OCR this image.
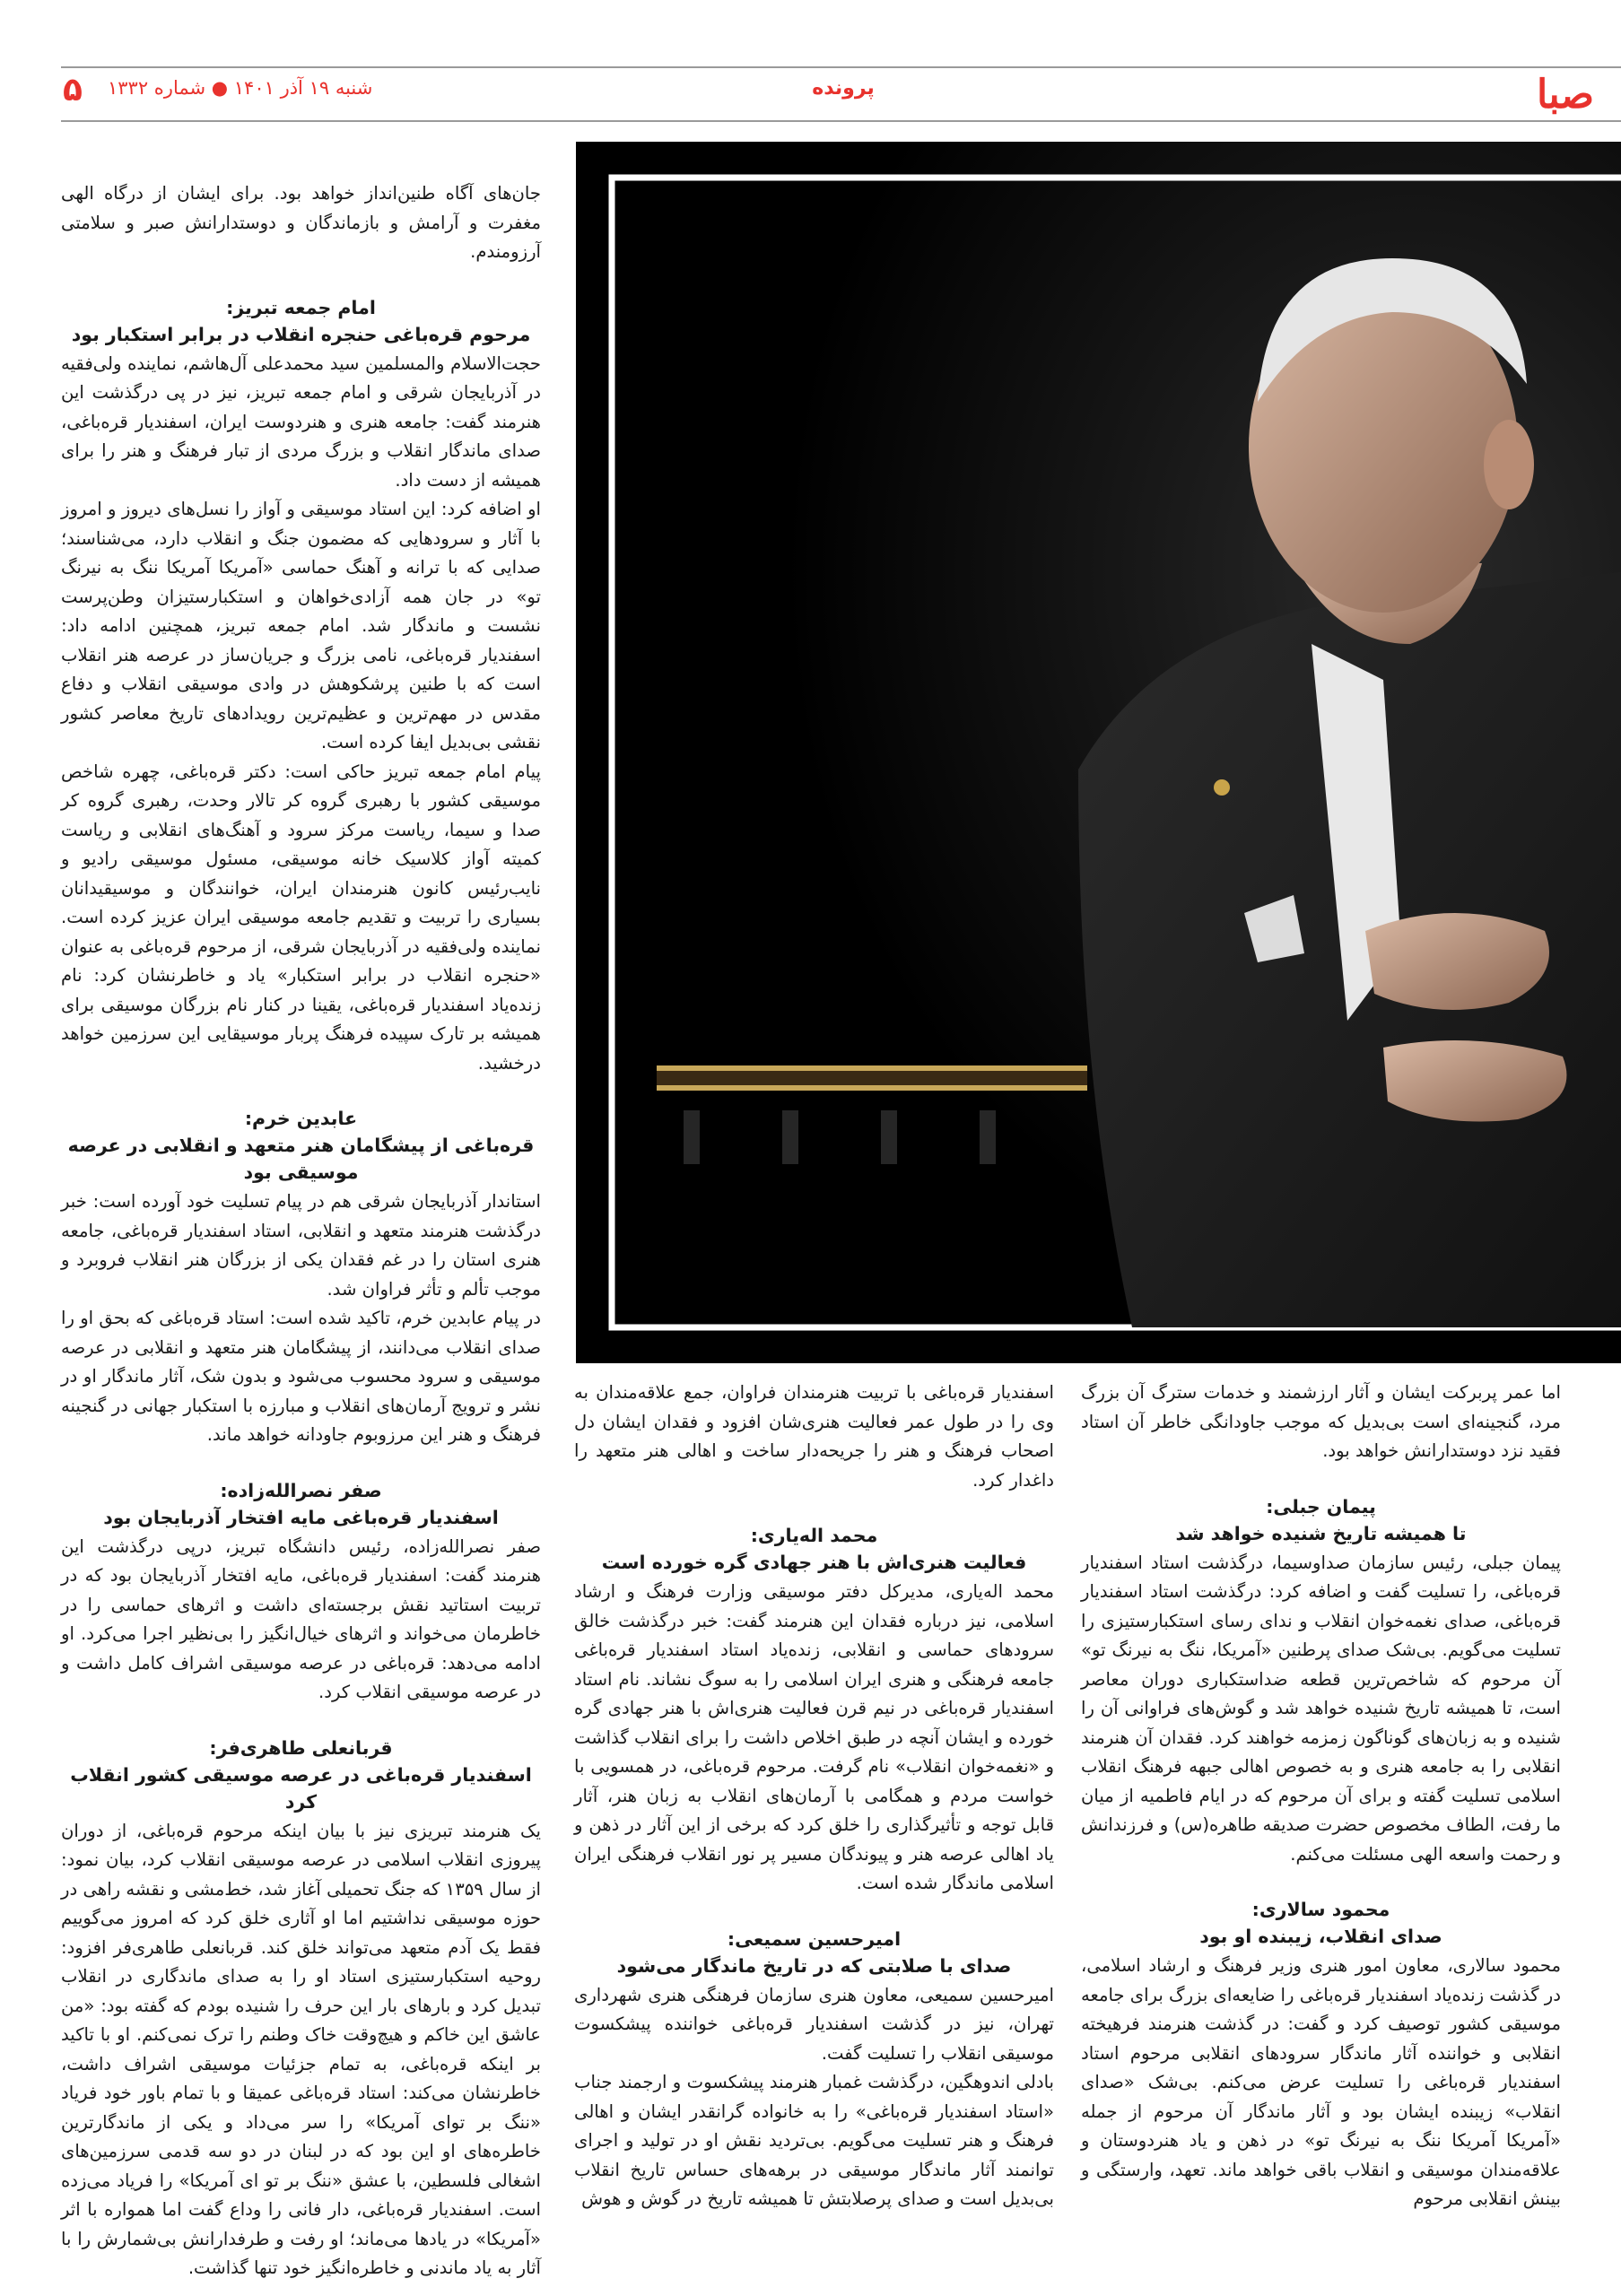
صبا
پرونده
شنبه ۱۹ آذر ۱۴۰۱ ● شماره ۱۳۳۲
۵

جان‌های آگاه طنین‌انداز خواهد بود. برای ایشان از درگاه الهی مغفرت و آرامش و بازماندگان و دوستدارانش صبر و سلامتی آرزومندم.

امام جمعه تبریز:
مرحوم قره‌باغی حنجره انقلاب در برابر استکبار بود

حجت‌الاسلام والمسلمین سید محمدعلی آل‌هاشم، نماینده ولی‌فقیه در آذربایجان شرقی و امام جمعه تبریز، نیز در پی درگذشت این هنرمند گفت: جامعه هنری و هنردوست ایران، اسفندیار قره‌باغی، صدای ماندگار انقلاب و بزرگ مردی از تبار فرهنگ و هنر را برای همیشه از دست داد.

او اضافه کرد: این استاد موسیقی و آواز را نسل‌های دیروز و امروز با آثار و سرودهایی که مضمون جنگ و انقلاب دارد، می‌شناسند؛ صدایی که با ترانه و آهنگ حماسی «آمریکا آمریکا ننگ به نیرنگ تو» در جان همه آزادی‌خواهان و استکبارستیزان وطن‌پرست نشست و ماندگار شد. امام جمعه تبریز، همچنین ادامه داد: اسفندیار قره‌باغی، نامی بزرگ و جریان‌ساز در عرصه هنر انقلاب است که با طنین پرشکوهش در وادی موسیقی انقلاب و دفاع مقدس در مهم‌ترین و عظیم‌ترین رویدادهای تاریخ معاصر کشور نقشی بی‌بدیل ایفا کرده است.

پیام امام جمعه تبریز حاکی است: دکتر قره‌باغی، چهره شاخص موسیقی کشور با رهبری گروه کر تالار وحدت، رهبری گروه کر صدا و سیما، ریاست مرکز سرود و آهنگ‌های انقلابی و ریاست کمیته آواز کلاسیک خانه موسیقی، مسئول موسیقی رادیو و نایب‌رئیس کانون هنرمندان ایران، خوانندگان و موسیقیدانان بسیاری را تربیت و تقدیم جامعه موسیقی ایران عزیز کرده است. نماینده ولی‌فقیه در آذربایجان شرقی، از مرحوم قره‌باغی به عنوان «حنجره انقلاب در برابر استکبار» یاد و خاطرنشان کرد: نام زنده‌یاد اسفندیار قره‌باغی، یقینا در کنار نام بزرگان موسیقی برای همیشه بر تارک سپیده فرهنگ پربار موسیقایی این سرزمین خواهد درخشید.

عابدین خرم:
قره‌باغی از پیشگامان هنر متعهد و انقلابی در عرصه موسیقی بود

استاندار آذربایجان شرقی هم در پیام تسلیت خود آورده است: خبر درگذشت هنرمند متعهد و انقلابی، استاد اسفندیار قره‌باغی، جامعه هنری استان را در غم فقدان یکی از بزرگان هنر انقلاب فروبرد و موجب تألم و تأثر فراوان شد.

در پیام عابدین خرم، تاکید شده است: استاد قره‌باغی که بحق او را صدای انقلاب می‌دانند، از پیشگامان هنر متعهد و انقلابی در عرصه موسیقی و سرود محسوب می‌شود و بدون شک، آثار ماندگار او در نشر و ترویج آرمان‌های انقلاب و مبارزه با استکبار جهانی در گنجینه فرهنگ و هنر این مرزوبوم جاودانه خواهد ماند.

صفر نصرالله‌زاده:
اسفندیار قره‌باغی مایه افتخار آذربایجان بود

صفر نصرالله‌زاده، رئیس دانشگاه تبریز، درپی درگذشت این هنرمند گفت: اسفندیار قره‌باغی، مایه افتخار آذربایجان بود که در تربیت استاتید نقش برجسته‌ای داشت و اثرهای حماسی را در خاطرمان می‌خواند و اثرهای خیال‌انگیز را بی‌نظیر اجرا می‌کرد. او ادامه می‌دهد: قره‌باغی در عرصه موسیقی اشراف کامل داشت و در عرصه موسیقی انقلاب کرد.

قربانعلی طاهری‌فر:
اسفندیار قره‌باغی در عرصه موسیقی کشور انقلاب کرد

یک هنرمند تبریزی نیز با بیان اینکه مرحوم قره‌باغی، از دوران پیروزی انقلاب اسلامی در عرصه موسیقی انقلاب کرد، بیان نمود: از سال ۱۳۵۹ که جنگ تحمیلی آغاز شد، خط‌مشی و نقشه راهی در حوزه موسیقی نداشتیم اما او آثاری خلق کرد که امروز می‌گوییم فقط یک آدم متعهد می‌تواند خلق کند. قربانعلی طاهری‌فر افزود: روحیه استکبارستیزی استاد او را به صدای ماندگاری در انقلاب تبدیل کرد و بارهای بار این حرف را شنیده بودم که گفته بود: «من عاشق این خاکم و هیچ‌وقت خاک وطنم را ترک نمی‌کنم. او با تاکید بر اینکه قره‌باغی، به تمام جزئیات موسیقی اشراف داشت، خاطرنشان می‌کند: استاد قره‌باغی عمیقا و با تمام باور خود فریاد «ننگ بر توای آمریکا» را سر می‌داد و یکی از ماندگارترین خاطره‌های او این بود که در لبنان در دو سه قدمی سرزمین‌های اشغالی فلسطین، با عشق «ننگ بر تو ای آمریکا» را فریاد می‌زده است. اسفندیار قره‌باغی، دار فانی را وداع گفت اما همواره با اثر «آمریکا» در یادها می‌ماند؛ او رفت و طرفدارانش بی‌شمارش را با آثار به یاد ماندنی و خاطره‌انگیز خود تنها گذاشت.

اسفندیار قره‌باغی با تربیت هنرمندان فراوان، جمع علاقه‌مندان به وی را در طول عمر فعالیت هنری‌شان افزود و فقدان ایشان دل اصحاب فرهنگ و هنر را جریحه‌دار ساخت و اهالی هنر متعهد را داغدار کرد.

محمد اله‌یاری:
فعالیت هنری‌اش با هنر جهادی گره خورده است

محمد اله‌یاری، مدیرکل دفتر موسیقی وزارت فرهنگ و ارشاد اسلامی، نیز درباره فقدان این هنرمند گفت: خبر درگذشت خالق سرودهای حماسی و انقلابی، زنده‌یاد استاد اسفندیار قره‌باغی جامعه فرهنگی و هنری ایران اسلامی را به سوگ نشاند. نام استاد اسفندیار قره‌باغی در نیم قرن فعالیت هنری‌اش با هنر جهادی گره خورده و ایشان آنچه در طبق اخلاص داشت را برای انقلاب گذاشت و «نغمه‌خوان انقلاب» نام گرفت. مرحوم قره‌باغی، در همسویی با خواست مردم و همگامی با آرمان‌های انقلاب به زبان هنر، آثار قابل توجه و تأثیرگذاری را خلق کرد که برخی از این آثار در ذهن و یاد اهالی عرصه هنر و پیوندگان مسیر پر نور انقلاب فرهنگی ایران اسلامی ماندگار شده است.

امیرحسین سمیعی:
صدای با صلابتی که در تاریخ ماندگار می‌شود

امیرحسین سمیعی، معاون هنری سازمان فرهنگی هنری شهرداری تهران، نیز در گذشت اسفندیار قره‌باغی خواننده پیشکسوت موسیقی انقلاب را تسلیت گفت.

بادلی اندوهگین، درگذشت غمبار هنرمند پیشکسوت و ارجمند جناب «استاد اسفندیار قره‌باغی» را به خانواده گرانقدر ایشان و اهالی فرهنگ و هنر تسلیت می‌گویم. بی‌تردید نقش او در تولید و اجرای توانمند آثار ماندگار موسیقی در برهه‌های حساس تاریخ انقلاب بی‌بدیل است و صدای پرصلابتش تا همیشه تاریخ در گوش و هوش

اما عمر پربرکت ایشان و آثار ارزشمند و خدمات سترگ آن بزرگ مرد، گنجینه‌ای است بی‌بدیل که موجب جاودانگی خاطر آن استاد فقید نزد دوستدارانش خواهد بود.

پیمان جبلی:
تا همیشه تاریخ شنیده خواهد شد

پیمان جبلی، رئیس سازمان صداوسیما، درگذشت استاد اسفندیار قره‌باغی، را تسلیت گفت و اضافه کرد: درگذشت استاد اسفندیار قره‌باغی، صدای نغمه‌خوان انقلاب و ندای رسای استکبارستیزی را تسلیت می‌گویم. بی‌شک صدای پرطنین «آمریکا، ننگ به نیرنگ تو» آن مرحوم که شاخص‌ترین قطعه ضداستکباری دوران معاصر است، تا همیشه تاریخ شنیده خواهد شد و گوش‌های فراوانی آن را شنیده و به زبان‌های گوناگون زمزمه خواهند کرد. فقدان آن هنرمند انقلابی را به جامعه هنری و به خصوص اهالی جبهه فرهنگ انقلاب اسلامی تسلیت گفته و برای آن مرحوم که در ایام فاطمیه از میان ما رفت، الطاف مخصوص حضرت صدیقه طاهره(س) و فرزندانش و رحمت واسعه الهی مسئلت می‌کنم.

محمود سالاری:
صدای انقلاب، زیبنده او بود

محمود سالاری، معاون امور هنری وزیر فرهنگ و ارشاد اسلامی، در گذشت زنده‌یاد اسفندیار قره‌باغی را ضایعه‌ای بزرگ برای جامعه موسیقی کشور توصیف کرد و گفت: در گذشت هنرمند فرهیخته انقلابی و خواننده آثار ماندگار سرودهای انقلابی مرحوم استاد اسفندیار قره‌باغی را تسلیت عرض می‌کنم. بی‌شک «صدای انقلاب» زیبنده ایشان بود و آثار ماندگار آن مرحوم از جمله «آمریکا آمریکا ننگ به نیرنگ تو» در ذهن و یاد هنردوستان و علاقه‌مندان موسیقی و انقلاب باقی خواهد ماند. تعهد، وارستگی و بینش انقلابی مرحوم
